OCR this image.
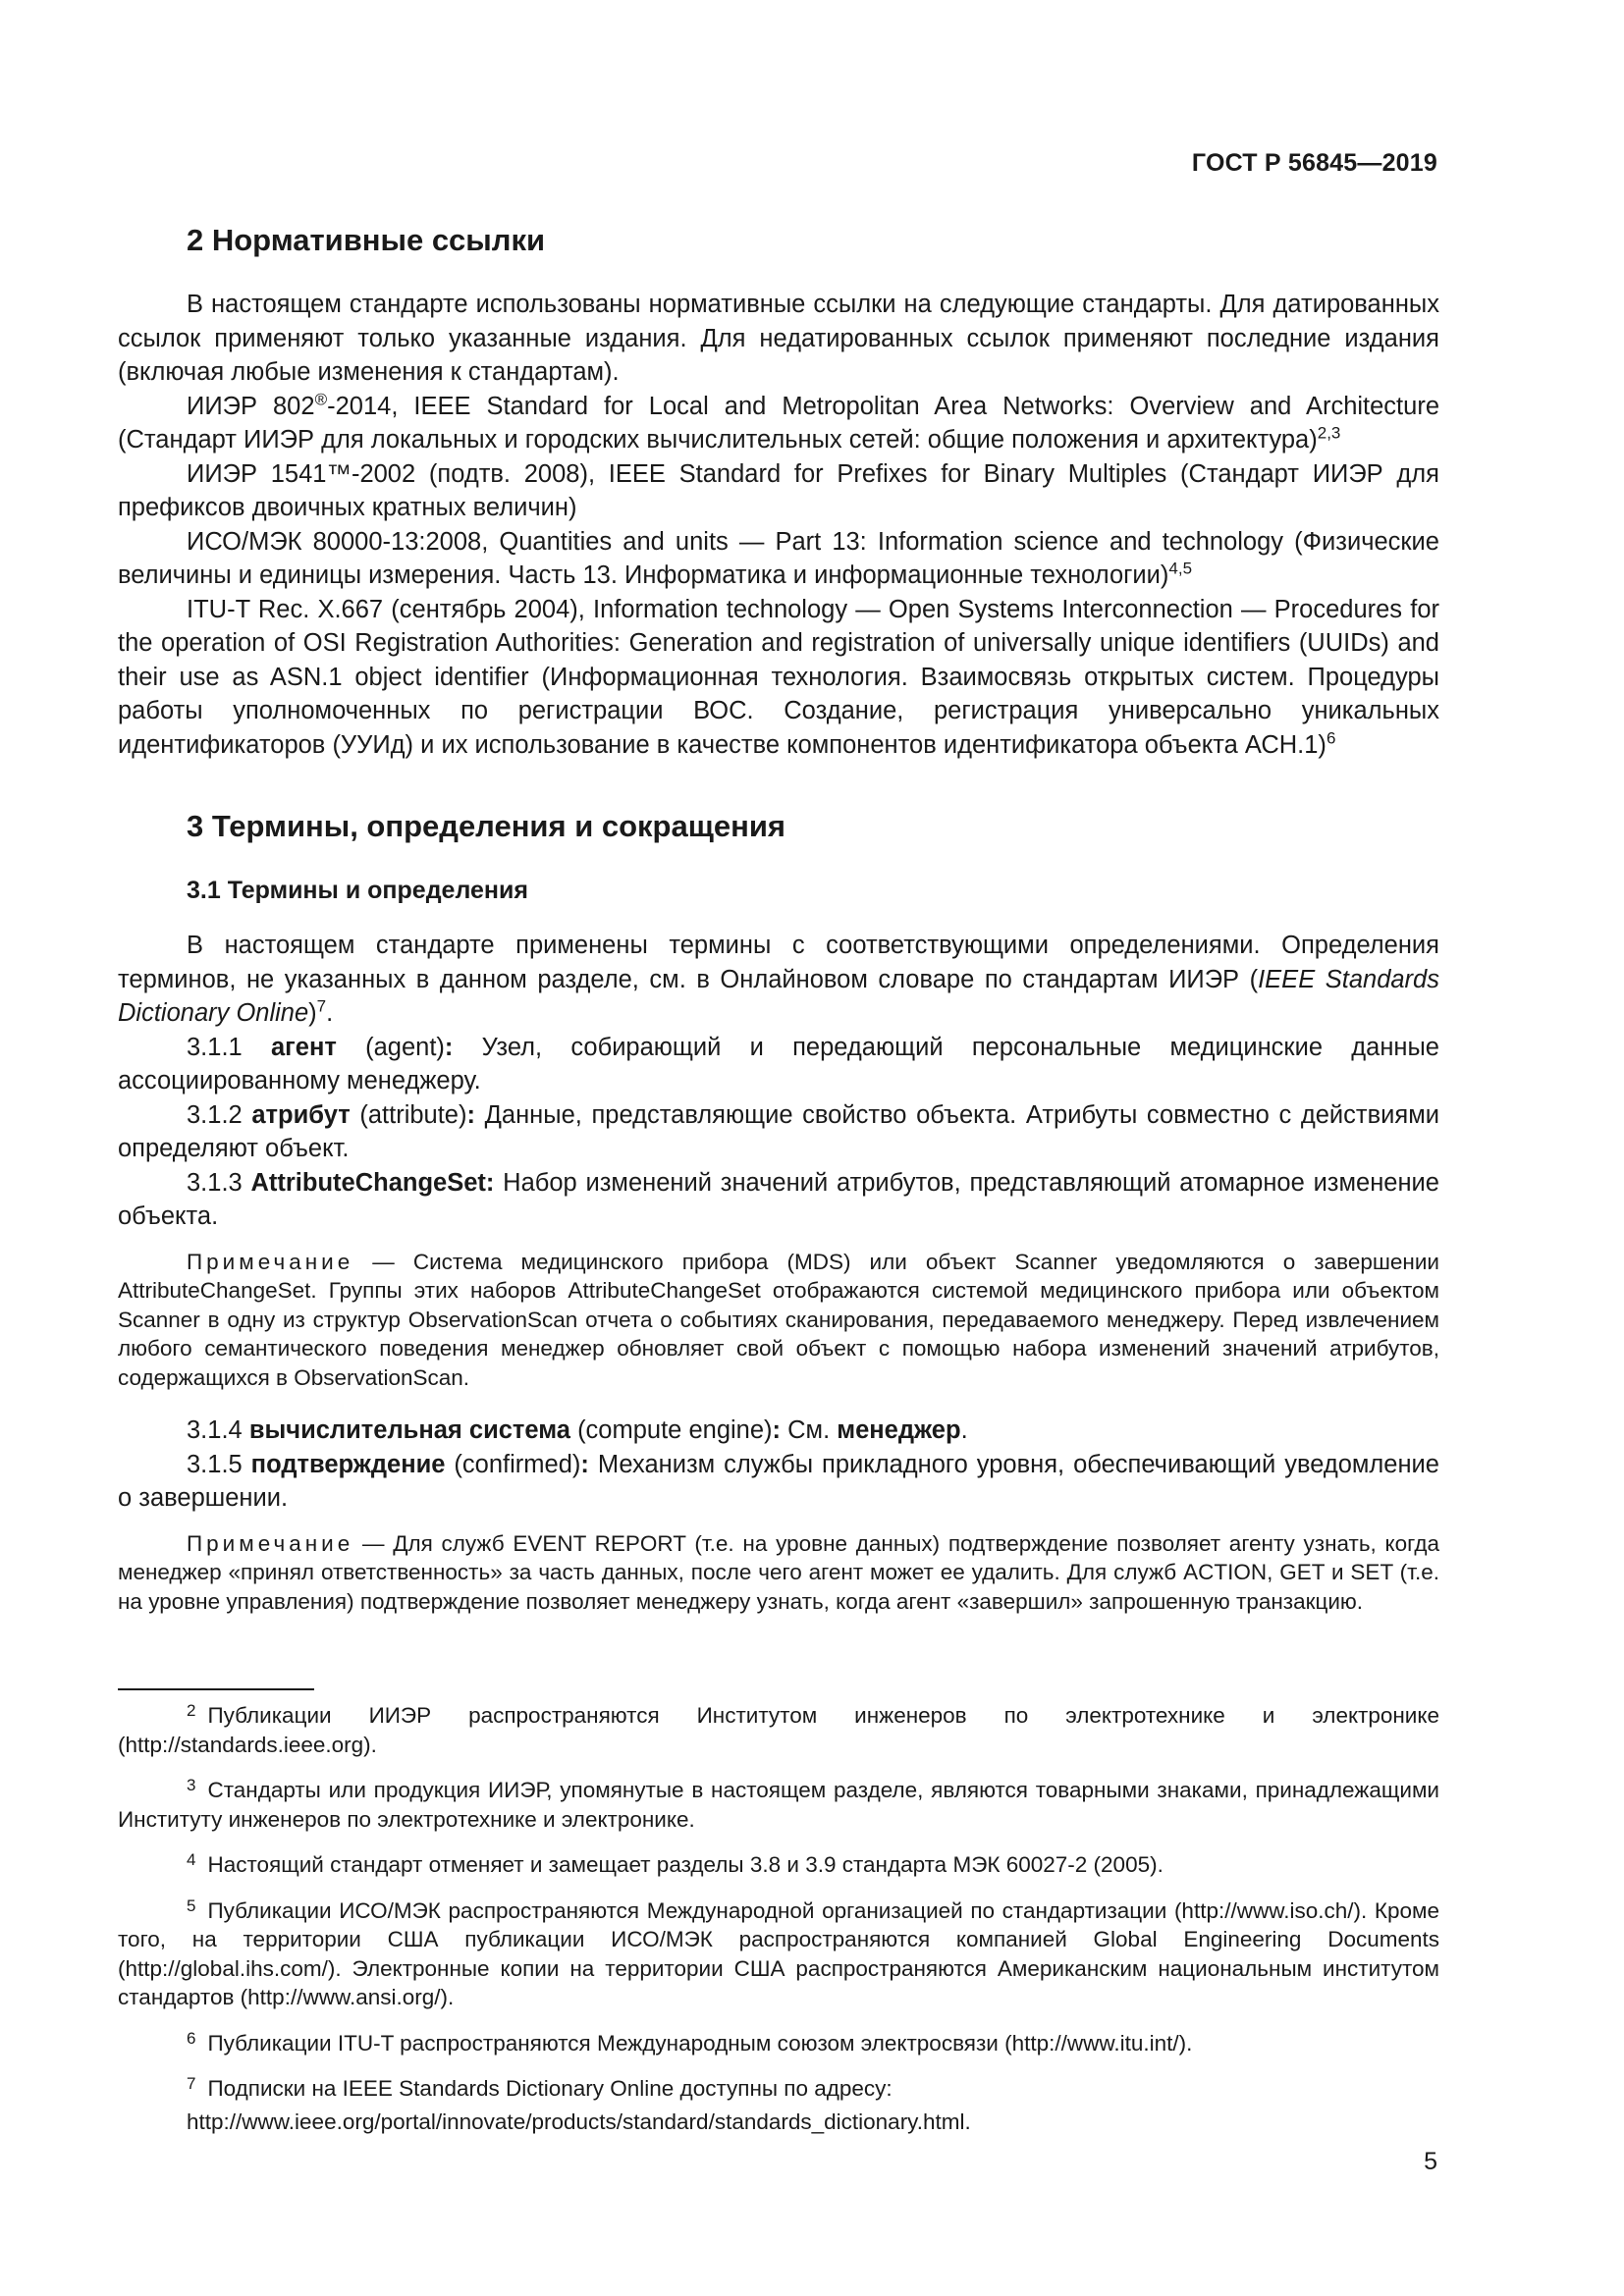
ГОСТ Р 56845—2019
2 Нормативные ссылки

В настоящем стандарте использованы нормативные ссылки на следующие стандарты. Для датированных ссылок применяют только указанные издания. Для недатированных ссылок применяют последние издания (включая любые изменения к стандартам).

ИИЭР 802®-2014, IEEE Standard for Local and Metropolitan Area Networks: Overview and Architecture (Стандарт ИИЭР для локальных и городских вычислительных сетей: общие положения и архитектура)$^{2,3}$

ИИЭР 1541™-2002 (подтв. 2008), IEEE Standard for Prefixes for Binary Multiples (Стандарт ИИЭР для префиксов двоичных кратных величин)

ИСО/МЭК 80000-13:2008, Quantities and units — Part 13: Information science and technology (Физические величины и единицы измерения. Часть 13. Информатика и информационные технологии)$^{4,5}$

ITU-T Rec. X.667 (сентябрь 2004), Information technology — Open Systems Interconnection — Procedures for the operation of OSI Registration Authorities: Generation and registration of universally unique identifiers (UUIDs) and their use as ASN.1 object identifier (Информационная технология. Взаимосвязь открытых систем. Процедуры работы уполномоченных по регистрации ВОС. Создание, регистрация универсально уникальных идентификаторов (УУИд) и их использование в качестве компонентов идентификатора объекта АСН.1)$^6$

3 Термины, определения и сокращения
3.1 Термины и определения

В настоящем стандарте применены термины с соответствующими определениями. Определения терминов, не указанных в данном разделе, см. в Онлайновом словаре по стандартам ИИЭР (IEEE Standards Dictionary Online)$^7$.

3.1.1 агент (agent): Узел, собирающий и передающий персональные медицинские данные ассоциированному менеджеру.

3.1.2 атрибут (attribute): Данные, представляющие свойство объекта. Атрибуты совместно с действиями определяют объект.

3.1.3 AttributeChangeSet: Набор изменений значений атрибутов, представляющий атомарное изменение объекта.

Примечание — Система медицинского прибора (MDS) или объект Scanner уведомляются о завершении AttributeChangeSet. Группы этих наборов AttributeChangeSet отображаются системой медицинского прибора или объектом Scanner в одну из структур ObservationScan отчета о событиях сканирования, передаваемого менеджеру. Перед извлечением любого семантического поведения менеджер обновляет свой объект с помощью набора изменений значений атрибутов, содержащихся в ObservationScan.

3.1.4 вычислительная система (compute engine): См. менеджер.

3.1.5 подтверждение (confirmed): Механизм службы прикладного уровня, обеспечивающий уведомление о завершении.

Примечание — Для служб EVENT REPORT (т.е. на уровне данных) подтверждение позволяет агенту узнать, когда менеджер «принял ответственность» за часть данных, после чего агент может ее удалить. Для служб ACTION, GET и SET (т.е. на уровне управления) подтверждение позволяет менеджеру узнать, когда агент «завершил» запрошенную транзакцию.

$^2$ Публикации ИИЭР распространяются Институтом инженеров по электротехнике и электронике (http://standards.ieee.org).

$^3$ Стандарты или продукция ИИЭР, упомянутые в настоящем разделе, являются товарными знаками, принадлежащими Институту инженеров по электротехнике и электронике.

$^4$ Настоящий стандарт отменяет и замещает разделы 3.8 и 3.9 стандарта МЭК 60027-2 (2005).

$^5$ Публикации ИСО/МЭК распространяются Международной организацией по стандартизации (http://www.iso.ch/). Кроме того, на территории США публикации ИСО/МЭК распространяются компанией Global Engineering Documents (http://global.ihs.com/). Электронные копии на территории США распространяются Американским национальным институтом стандартов (http://www.ansi.org/).

$^6$ Публикации ITU-T распространяются Международным союзом электросвязи (http://www.itu.int/).

$^7$ Подписки на IEEE Standards Dictionary Online доступны по адресу:

http://www.ieee.org/portal/innovate/products/standard/standards_dictionary.html.

5
